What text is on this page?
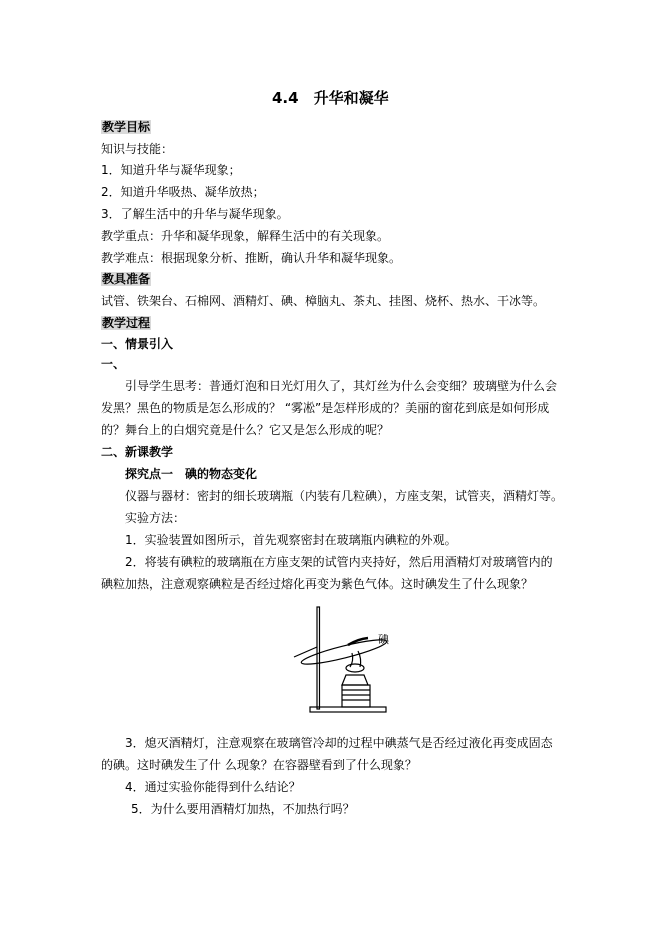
4.4　升华和凝华
教学目标
知识与技能：
1．知道升华与凝华现象；
2．知道升华吸热、凝华放热；
3．了解生活中的升华与凝华现象。
教学重点：升华和凝华现象，解释生活中的有关现象。
教学难点：根据现象分析、推断，确认升华和凝华现象。
教具准备
试管、铁架台、石棉网、酒精灯、碘、樟脑丸、茶丸、挂图、烧杯、热水、干冰等。
教学过程
一、情景引入
一、
引导学生思考：普通灯泡和日光灯用久了，其灯丝为什么会变细？玻璃壁为什么会
发黑？黑色的物质是怎么形成的？ “雾凇”是怎样形成的？美丽的窗花到底是如何形成
的？舞台上的白烟究竟是什么？它又是怎么形成的呢？
二、新课教学
探究点一　碘的物态变化
仪器与器材：密封的细长玻璃瓶（内装有几粒碘），方座支架，试管夹，酒精灯等。
实验方法：
1．实验装置如图所示，首先观察密封在玻璃瓶内碘粒的外观。
2．将装有碘粒的玻璃瓶在方座支架的试管内夹持好，然后用酒精灯对玻璃管内的
碘粒加热，注意观察碘粒是否经过熔化再变为紫色气体。这时碘发生了什么现象？
碘
3．熄灭酒精灯，注意观察在玻璃管冷却的过程中碘蒸气是否经过液化再变成固态
的碘。这时碘发生了什 么现象？在容器壁看到了什么现象？
4．通过实验你能得到什么结论？
5．为什么要用酒精灯加热，不加热行吗？
